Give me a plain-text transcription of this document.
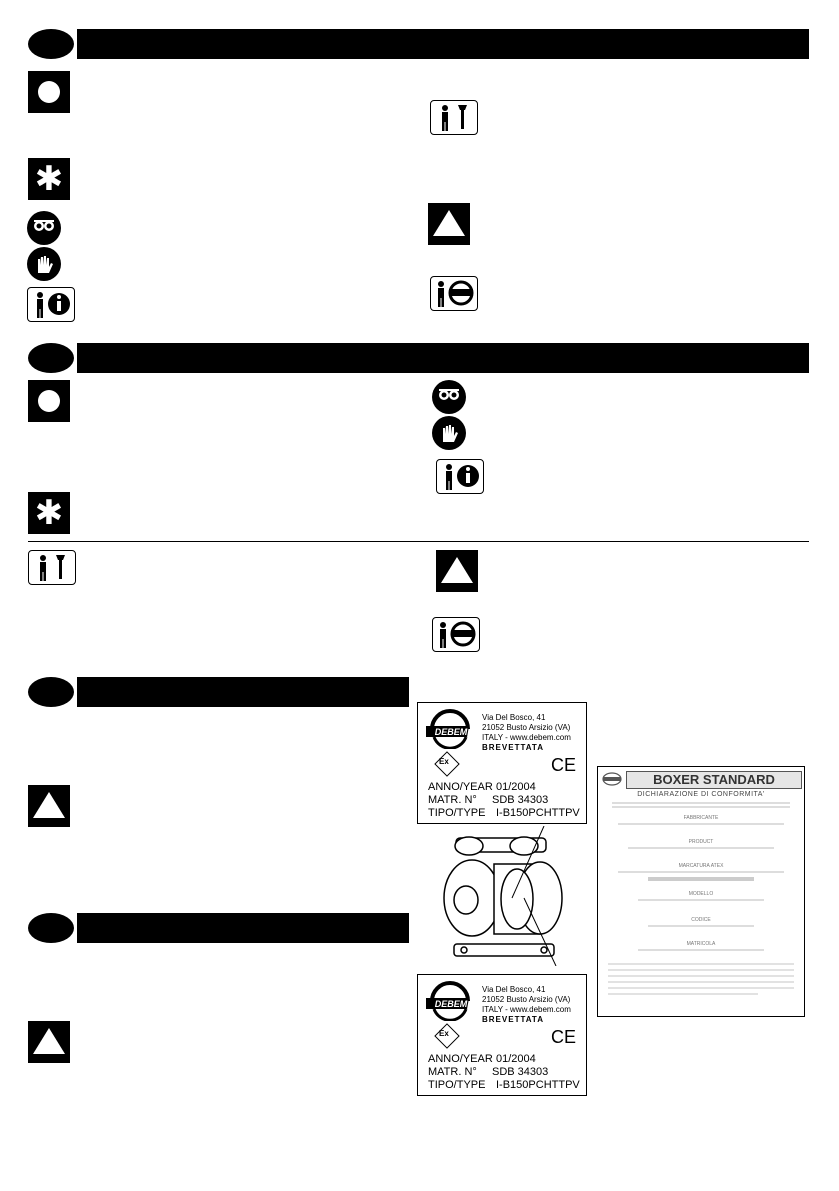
✱
✱
DEBEM
Via Del Bosco, 41
21052 Busto Arsizio (VA)
ITALY - www.debem.com
BREVETTATA
Ex	CE
ANNO/YEAR 01/2004
MATR. N° SDB 34303
TIPO/TYPE I-B150PCHTTPV
DEBEM
Via Del Bosco, 41
21052 Busto Arsizio (VA)
ITALY - www.debem.com
BREVETTATA
Ex	CE
ANNO/YEAR 01/2004
MATR. N° SDB 34303
TIPO/TYPE I-B150PCHTTPV
BOXER STANDARD
DICHIARAZIONE DI CONFORMITA'
FABBRICANTE
PRODUCT
MARCATURA ATEX
MODELLO
CODICE
MATRICOLA
